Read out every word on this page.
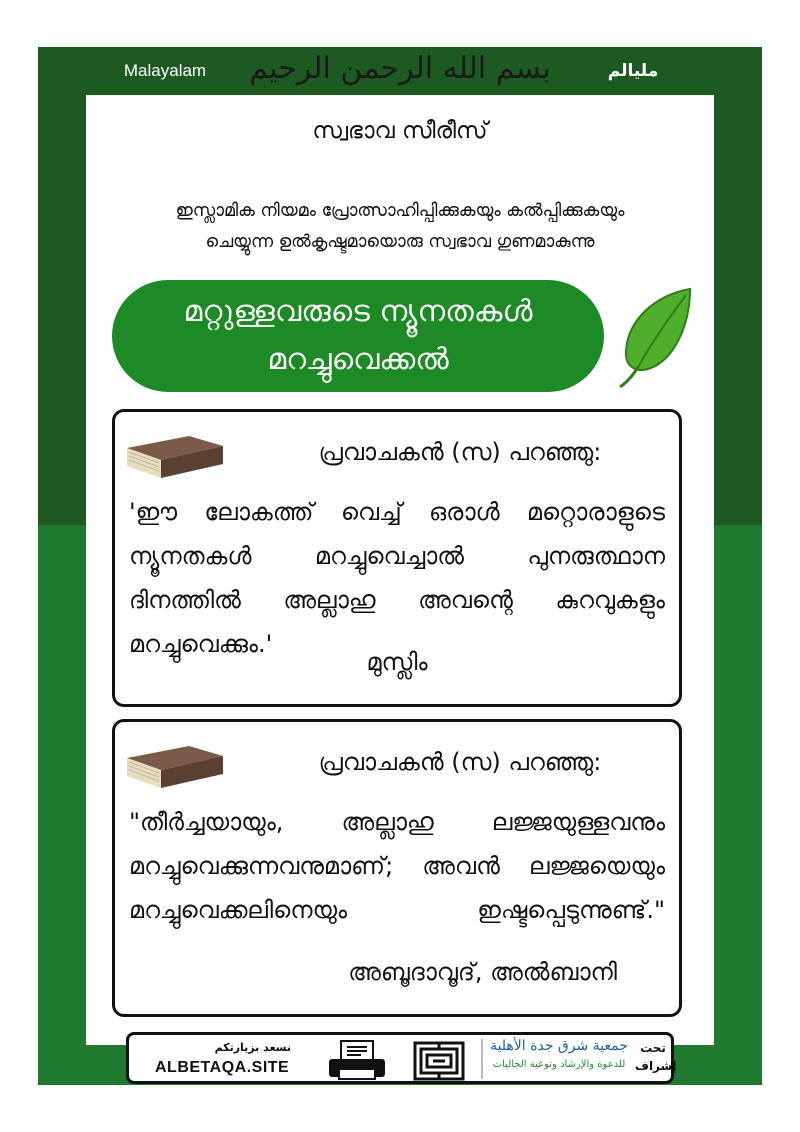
Malayalam	مليالم
بسم الله الرحمن الرحيم
സ്വഭാവ സീരീസ്
ഇസ്ലാമിക നിയമം പ്രോത്സാഹിപ്പിക്കുകയും കൽപ്പിക്കുകയും
ചെയ്യുന്ന ഉൽകൃഷ്ടമായൊരു സ്വഭാവ ഗുണമാകുന്നു
മറ്റുള്ളവരുടെ ന്യൂനതകൾ
മറച്ചുവെക്കൽ
പ്രവാചകൻ (സ) പറഞ്ഞു:
'ഈ ലോകത്ത് വെച്ച് ഒരാൾ മറ്റൊരാളുടെ ന്യൂനതകൾ മറച്ചുവെച്ചാൽ പുനരുത്ഥാന ദിനത്തിൽ അല്ലാഹു അവന്റെ കുറവുകളും മറച്ചുവെക്കും.'
മുസ്ലിം
പ്രവാചകൻ (സ) പറഞ്ഞു:
"തീർച്ചയായും, അല്ലാഹു ലജ്ജയുള്ളവനും മറച്ചുവെക്കുന്നവനുമാണ്; അവൻ ലജ്ജയെയും മറച്ചുവെക്കലിനെയും ഇഷ്ടപ്പെടുന്നുണ്ട്."
അബൂദാവൂദ്, അൽബാനി
نسعد بزيارتكم
ALBETAQA.SITE
جمعية شرق جدة الأهلية
للدعوة والإرشاد وتوعية الجاليات
تحت إشراف
